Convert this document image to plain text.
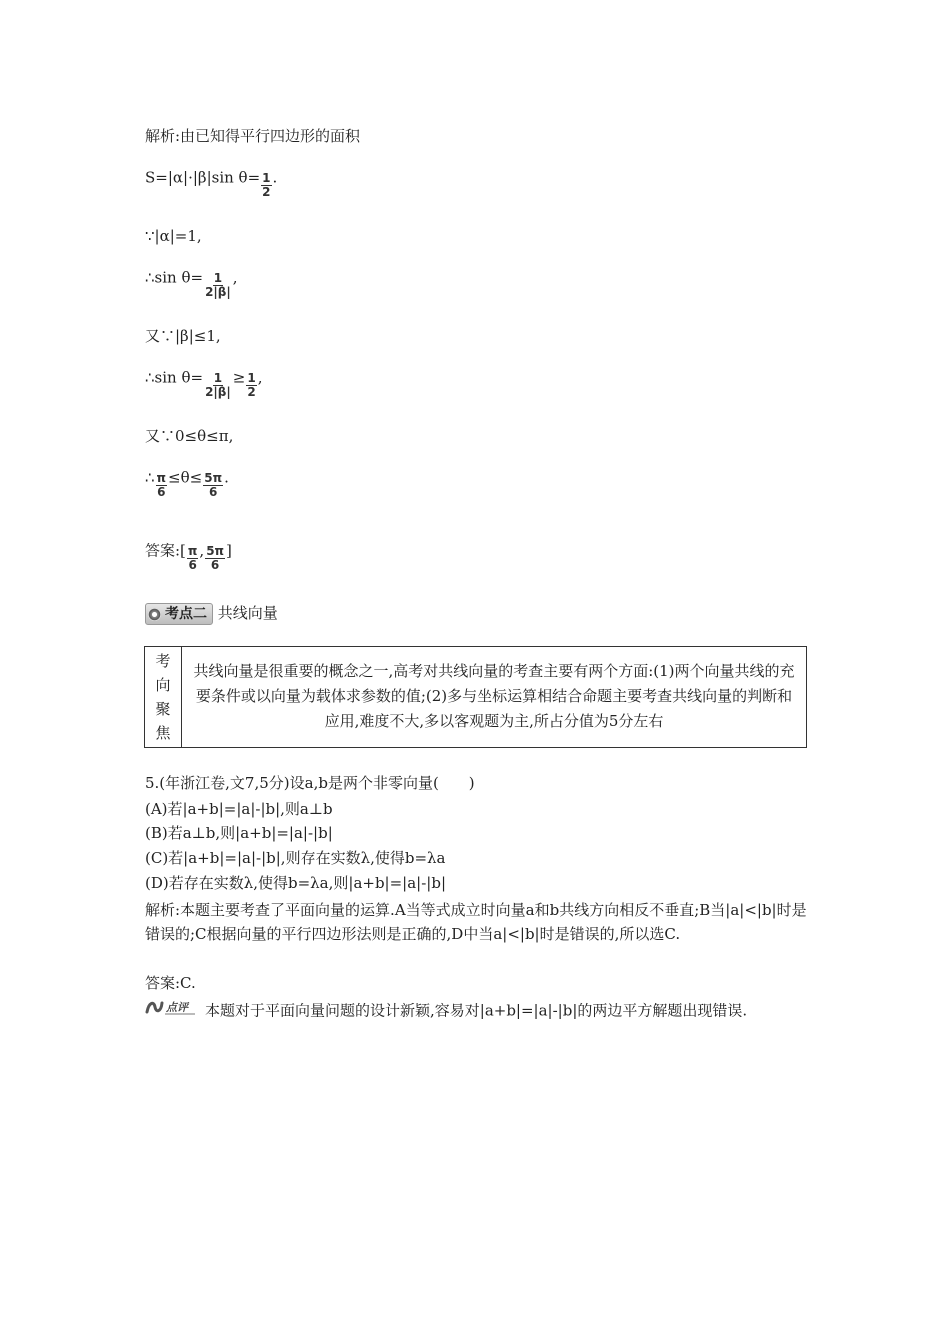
解析:由已知得平行四边形的面积
S=|α|·|β|sin $\theta= \frac{1}{2}$ .
∵|α|=1,
∴sin $\theta= \frac{1}{2|\beta|}$ ,
又∵|β|≤1,
∴sin $\theta= \frac{1}{2|\beta|} \ge \frac{1}{2}$ ,
又∵0≤θ≤π,
∴ $\frac{\pi}{6} \le\theta\le \frac{5\pi}{6}$ .
答案:[ $\frac{\pi}{6}$ , $\frac{5\pi}{6}$ ]
考点二 共线向量
考
向
聚
焦
共线向量是很重要的概念之一,高考对共线向量的考查主要有两个方面:(1)两个向量共线的充要条件或以向量为载体求参数的值;(2)多与坐标运算相结合命题主要考查共线向量的判断和应用,难度不大,多以客观题为主,所占分值为5分左右
5.(年浙江卷,文7,5分)设a,b是两个非零向量(　　)
(A)若|a+b|=|a|-|b|,则a⊥b
(B)若a⊥b,则|a+b|=|a|-|b|
(C)若|a+b|=|a|-|b|,则存在实数λ,使得b=λa
(D)若存在实数λ,使得b=λa,则|a+b|=|a|-|b|
解析:本题主要考查了平面向量的运算.A当等式成立时向量a和b共线方向相反不垂直;B当|a|<|b|时是错误的;C根据向量的平行四边形法则是正确的,D中当a|<|b|时是错误的,所以选C.
答案:C.
点评 本题对于平面向量问题的设计新颖,容易对|a+b|=|a|-|b|的两边平方解题出现错误.
